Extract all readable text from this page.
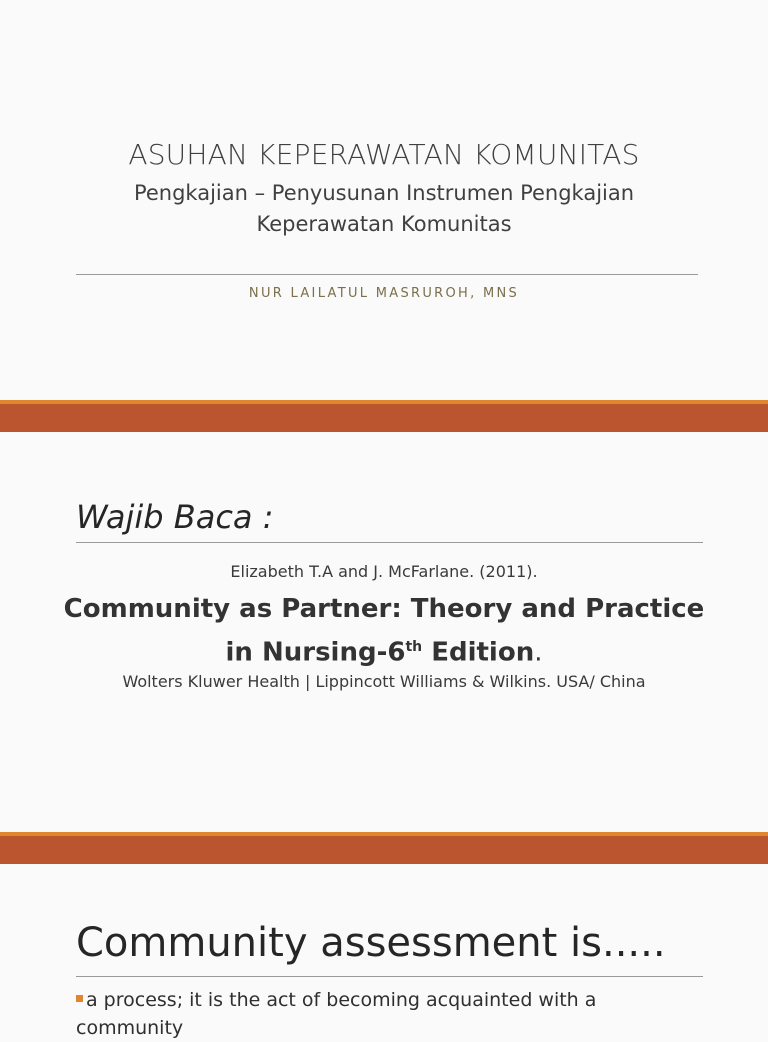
ASUHAN KEPERAWATAN KOMUNITAS
Pengkajian – Penyusunan Instrumen Pengkajian
Keperawatan Komunitas
NUR LAILATUL MASRUROH, MNS
Wajib Baca :
Elizabeth T.A and J. McFarlane. (2011).
Community as Partner: Theory and Practice
in Nursing-6th Edition.
Wolters Kluwer Health | Lippincott Williams & Wilkins. USA/ China
Community assessment is.....
a process; it is the act of becoming acquainted with a community
